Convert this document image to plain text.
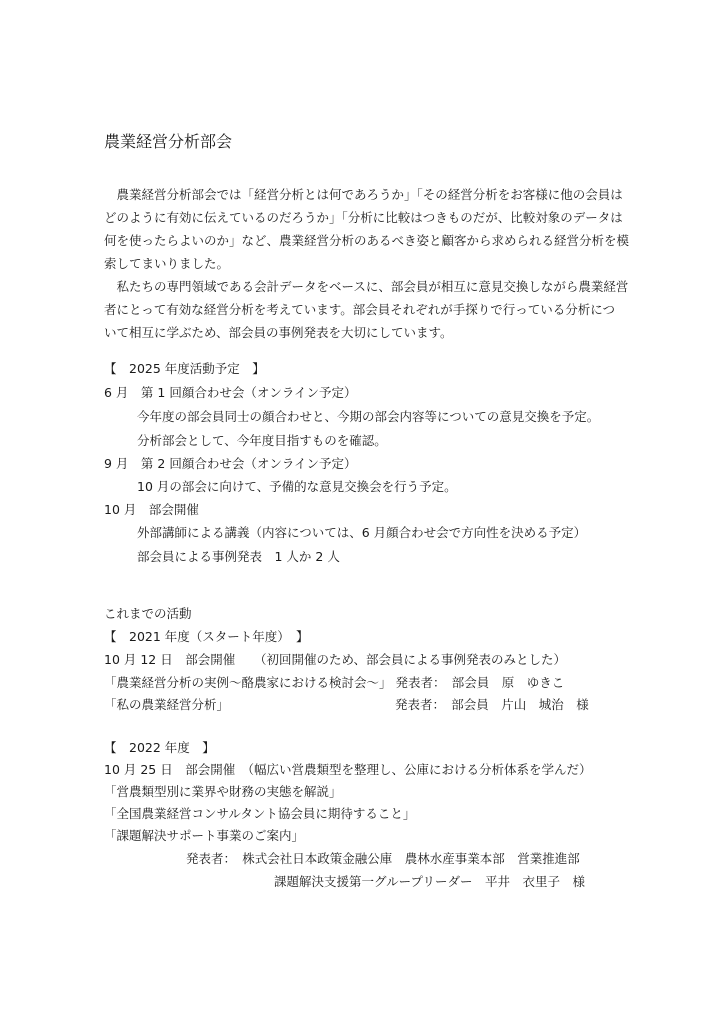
農業経営分析部会
　農業経営分析部会では「経営分析とは何であろうか」「その経営分析をお客様に他の会員は
どのように有効に伝えているのだろうか」「分析に比較はつきものだが、比較対象のデータは
何を使ったらよいのか」など、農業経営分析のあるべき姿と顧客から求められる経営分析を模
索してまいりました。
　私たちの専門領域である会計データをベースに、部会員が相互に意見交換しながら農業経営
者にとって有効な経営分析を考えています。部会員それぞれが手探りで行っている分析につ
いて相互に学ぶため、部会員の事例発表を大切にしています。
【　2025 年度活動予定　】
6 月　第 1 回顔合わせ会（オンライン予定）
今年度の部会員同士の顔合わせと、今期の部会内容等についての意見交換を予定。
分析部会として、今年度目指すものを確認。
9 月　第 2 回顔合わせ会（オンライン予定）
10 月の部会に向けて、予備的な意見交換会を行う予定。
10 月　部会開催
外部講師による講義（内容については、6 月顔合わせ会で方向性を決める予定）
部会員による事例発表　1 人か 2 人
これまでの活動
【　2021 年度（スタート年度）　】
10 月 12 日　部会開催　　（初回開催のため、部会員による事例発表のみとした）
「農業経営分析の実例～酪農家における検討会～」 発表者：　部会員　原　ゆきこ
「私の農業経営分析」	発表者：　部会員　片山　城治　様
【　2022 年度　】
10 月 25 日　部会開催　（幅広い営農類型を整理し、公庫における分析体系を学んだ）
「営農類型別に業界や財務の実態を解説」
「全国農業経営コンサルタント協会員に期待すること」
「課題解決サポート事業のご案内」
発表者：　株式会社日本政策金融公庫　農林水産事業本部　営業推進部
課題解決支援第一グループリーダー　平井　衣里子　様
